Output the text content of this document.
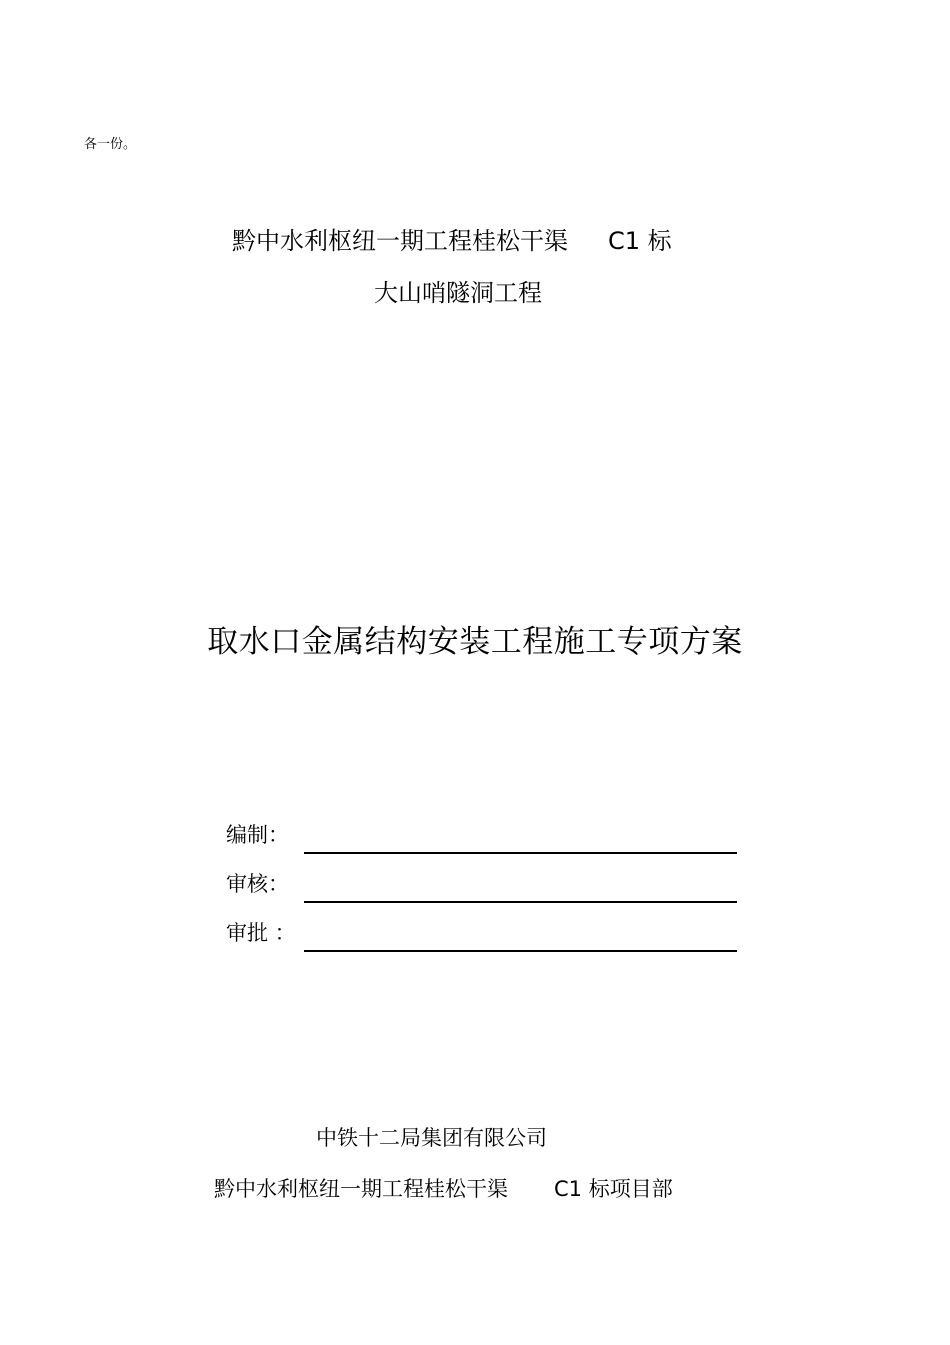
各一份。
黔中水利枢纽一期工程桂松干渠 C1 标
大山哨隧洞工程
取水口金属结构安装工程施工专项方案
编制：
审核：
审批 ：
中铁十二局集团有限公司
黔中水利枢纽一期工程桂松干渠 C1 标项目部
